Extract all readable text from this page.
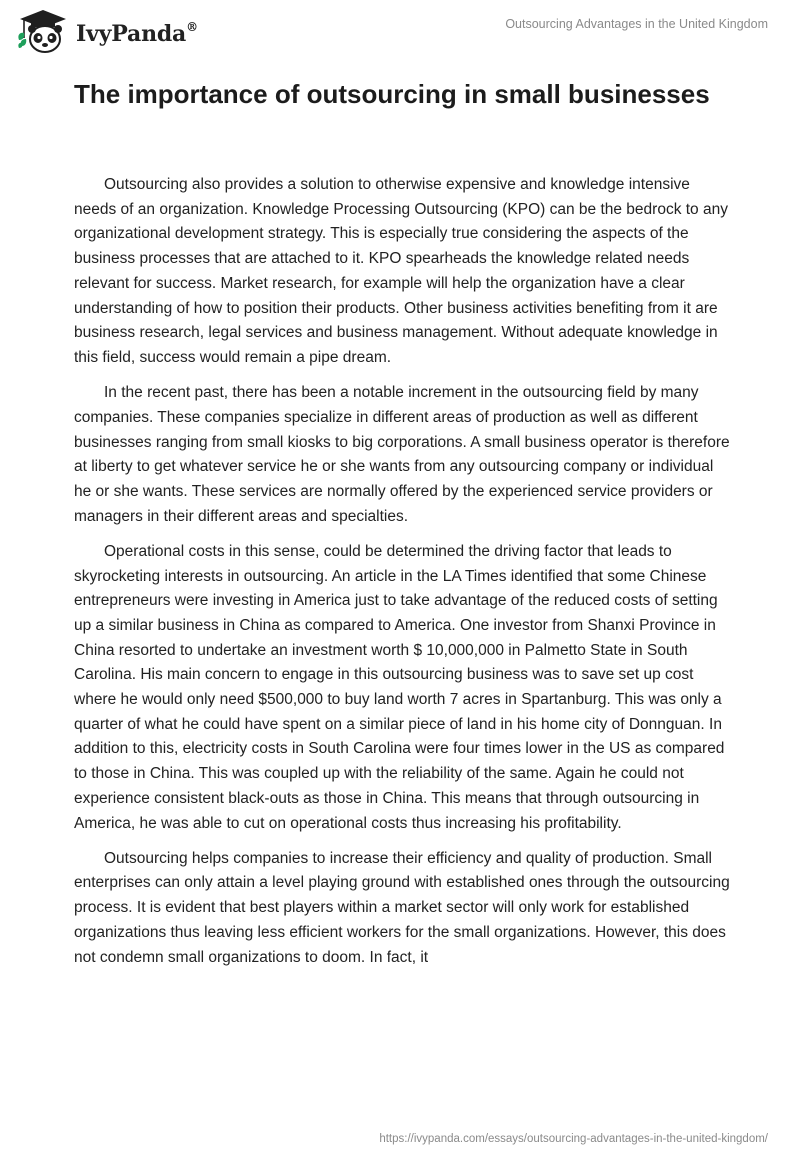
IvyPanda®	Outsourcing Advantages in the United Kingdom
The importance of outsourcing in small businesses

Outsourcing also provides a solution to otherwise expensive and knowledge intensive needs of an organization. Knowledge Processing Outsourcing (KPO) can be the bedrock to any organizational development strategy. This is especially true considering the aspects of the business processes that are attached to it. KPO spearheads the knowledge related needs relevant for success. Market research, for example will help the organization have a clear understanding of how to position their products. Other business activities benefiting from it are business research, legal services and business management. Without adequate knowledge in this field, success would remain a pipe dream.

In the recent past, there has been a notable increment in the outsourcing field by many companies. These companies specialize in different areas of production as well as different businesses ranging from small kiosks to big corporations. A small business operator is therefore at liberty to get whatever service he or she wants from any outsourcing company or individual he or she wants. These services are normally offered by the experienced service providers or managers in their different areas and specialties.

Operational costs in this sense, could be determined the driving factor that leads to skyrocketing interests in outsourcing. An article in the LA Times identified that some Chinese entrepreneurs were investing in America just to take advantage of the reduced costs of setting up a similar business in China as compared to America. One investor from Shanxi Province in China resorted to undertake an investment worth $ 10,000,000 in Palmetto State in South Carolina. His main concern to engage in this outsourcing business was to save set up cost where he would only need $500,000 to buy land worth 7 acres in Spartanburg. This was only a quarter of what he could have spent on a similar piece of land in his home city of Donnguan. In addition to this, electricity costs in South Carolina were four times lower in the US as compared to those in China. This was coupled up with the reliability of the same. Again he could not experience consistent black-outs as those in China. This means that through outsourcing in America, he was able to cut on operational costs thus increasing his profitability.

Outsourcing helps companies to increase their efficiency and quality of production. Small enterprises can only attain a level playing ground with established ones through the outsourcing process. It is evident that best players within a market sector will only work for established organizations thus leaving less efficient workers for the small organizations. However, this does not condemn small organizations to doom. In fact, it

https://ivypanda.com/essays/outsourcing-advantages-in-the-united-kingdom/
